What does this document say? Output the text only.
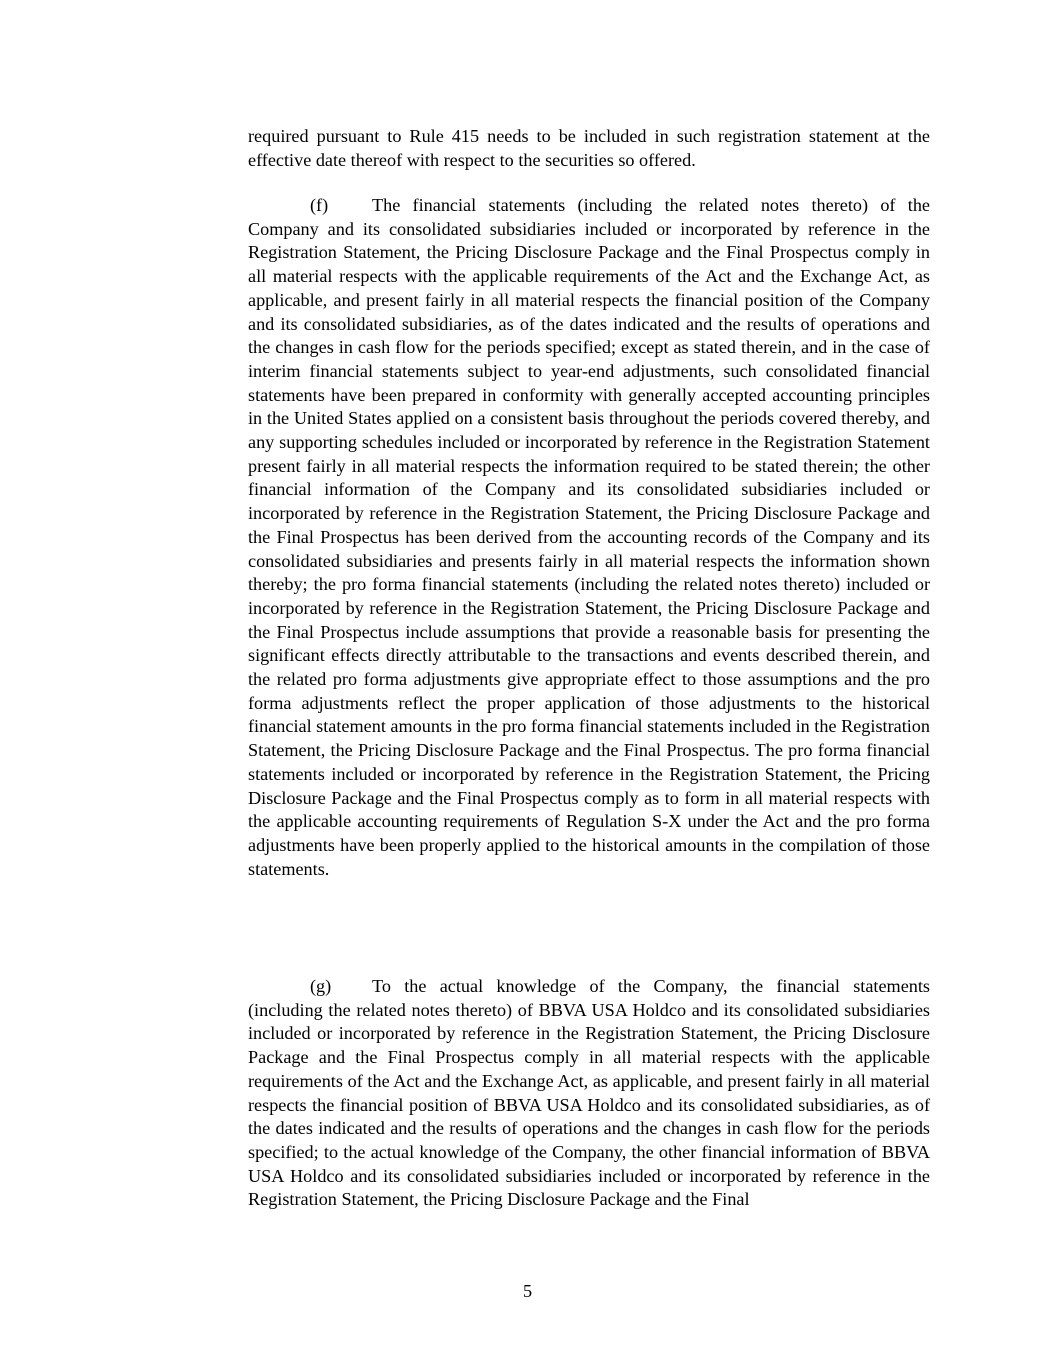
required pursuant to Rule 415 needs to be included in such registration statement at the effective date thereof with respect to the securities so offered.

(f) The financial statements (including the related notes thereto) of the Company and its consolidated subsidiaries included or incorporated by reference in the Registration Statement, the Pricing Disclosure Package and the Final Prospectus comply in all material respects with the applicable requirements of the Act and the Exchange Act, as applicable, and present fairly in all material respects the financial position of the Company and its consolidated subsidiaries, as of the dates indicated and the results of operations and the changes in cash flow for the periods specified; except as stated therein, and in the case of interim financial statements subject to year-end adjustments, such consolidated financial statements have been prepared in conformity with generally accepted accounting principles in the United States applied on a consistent basis throughout the periods covered thereby, and any supporting schedules included or incorporated by reference in the Registration Statement present fairly in all material respects the information required to be stated therein; the other financial information of the Company and its consolidated subsidiaries included or incorporated by reference in the Registration Statement, the Pricing Disclosure Package and the Final Prospectus has been derived from the accounting records of the Company and its consolidated subsidiaries and presents fairly in all material respects the information shown thereby; the pro forma financial statements (including the related notes thereto) included or incorporated by reference in the Registration Statement, the Pricing Disclosure Package and the Final Prospectus include assumptions that provide a reasonable basis for presenting the significant effects directly attributable to the transactions and events described therein, and the related pro forma adjustments give appropriate effect to those assumptions and the pro forma adjustments reflect the proper application of those adjustments to the historical financial statement amounts in the pro forma financial statements included in the Registration Statement, the Pricing Disclosure Package and the Final Prospectus. The pro forma financial statements included or incorporated by reference in the Registration Statement, the Pricing Disclosure Package and the Final Prospectus comply as to form in all material respects with the applicable accounting requirements of Regulation S-X under the Act and the pro forma adjustments have been properly applied to the historical amounts in the compilation of those statements.

(g) To the actual knowledge of the Company, the financial statements (including the related notes thereto) of BBVA USA Holdco and its consolidated subsidiaries included or incorporated by reference in the Registration Statement, the Pricing Disclosure Package and the Final Prospectus comply in all material respects with the applicable requirements of the Act and the Exchange Act, as applicable, and present fairly in all material respects the financial position of BBVA USA Holdco and its consolidated subsidiaries, as of the dates indicated and the results of operations and the changes in cash flow for the periods specified; to the actual knowledge of the Company, the other financial information of BBVA USA Holdco and its consolidated subsidiaries included or incorporated by reference in the Registration Statement, the Pricing Disclosure Package and the Final

5
